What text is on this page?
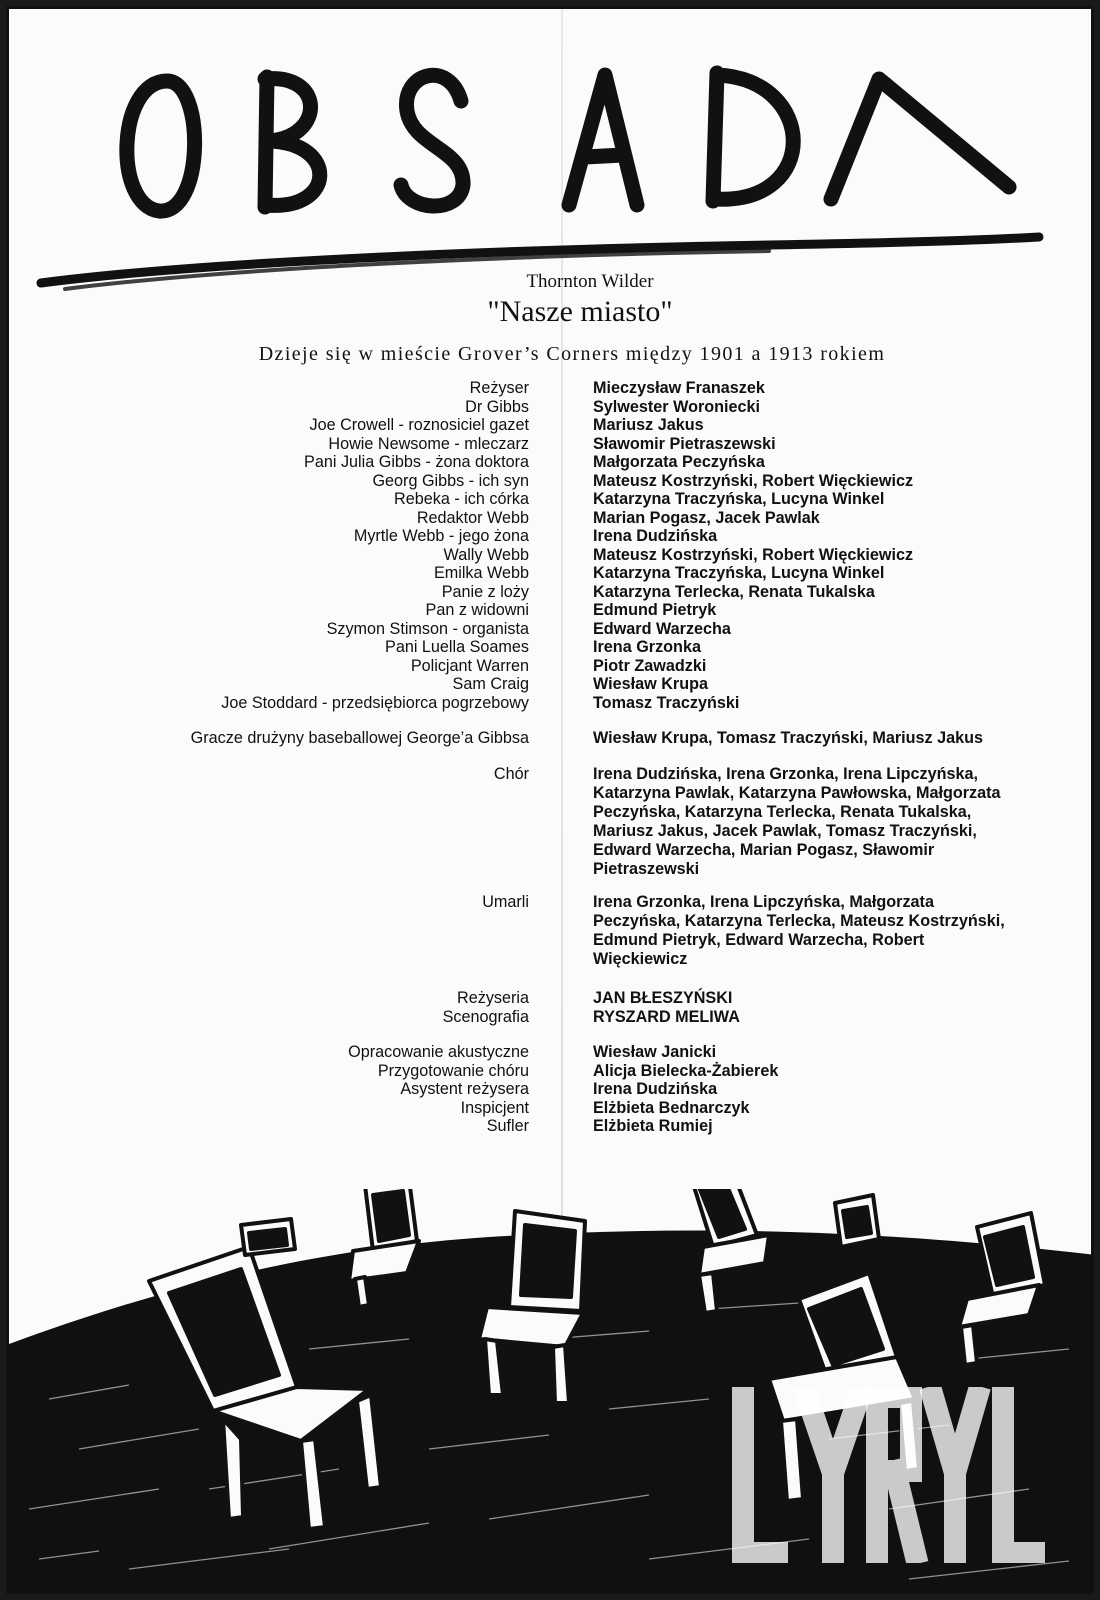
Thornton Wilder
"Nasze miasto"
Dzieje się w mieście Grover’s Corners między 1901 a 1913 rokiem
Reżyser	Mieczysław Franaszek
Dr Gibbs	Sylwester Woroniecki
Joe Crowell - roznosiciel gazet	Mariusz Jakus
Howie Newsome - mleczarz	Sławomir Pietraszewski
Pani Julia Gibbs - żona doktora	Małgorzata Peczyńska
Georg Gibbs - ich syn	Mateusz Kostrzyński, Robert Więckiewicz
Rebeka - ich córka	Katarzyna Traczyńska, Lucyna Winkel
Redaktor Webb	Marian Pogasz, Jacek Pawlak
Myrtle Webb - jego żona	Irena Dudzińska
Wally Webb	Mateusz Kostrzyński, Robert Więckiewicz
Emilka Webb	Katarzyna Traczyńska, Lucyna Winkel
Panie z loży	Katarzyna Terlecka, Renata Tukalska
Pan z widowni	Edmund Pietryk
Szymon Stimson - organista	Edward Warzecha
Pani Luella Soames	Irena Grzonka
Policjant Warren	Piotr Zawadzki
Sam Craig	Wiesław Krupa
Joe Stoddard - przedsiębiorca pogrzebowy	Tomasz Traczyński
Gracze drużyny baseballowej George’a Gibbsa	Wiesław Krupa, Tomasz Traczyński, Mariusz Jakus
Chór	Irena Dudzińska, Irena Grzonka, Irena Lipczyńska,
Katarzyna Pawlak, Katarzyna Pawłowska, Małgorzata
Peczyńska, Katarzyna Terlecka, Renata Tukalska,
Mariusz Jakus, Jacek Pawlak, Tomasz Traczyński,
Edward Warzecha, Marian Pogasz, Sławomir
Pietraszewski
Umarli	Irena Grzonka, Irena Lipczyńska, Małgorzata
Peczyńska, Katarzyna Terlecka, Mateusz Kostrzyński,
Edmund Pietryk, Edward Warzecha, Robert
Więckiewicz
Reżyseria	JAN BŁESZYŃSKI
Scenografia	RYSZARD MELIWA
Opracowanie akustyczne	Wiesław Janicki
Przygotowanie chóru	Alicja Bielecka-Żabierek
Asystent reżysera	Irena Dudzińska
Inspicjent	Elżbieta Bednarczyk
Sufler	Elżbieta Rumiej
